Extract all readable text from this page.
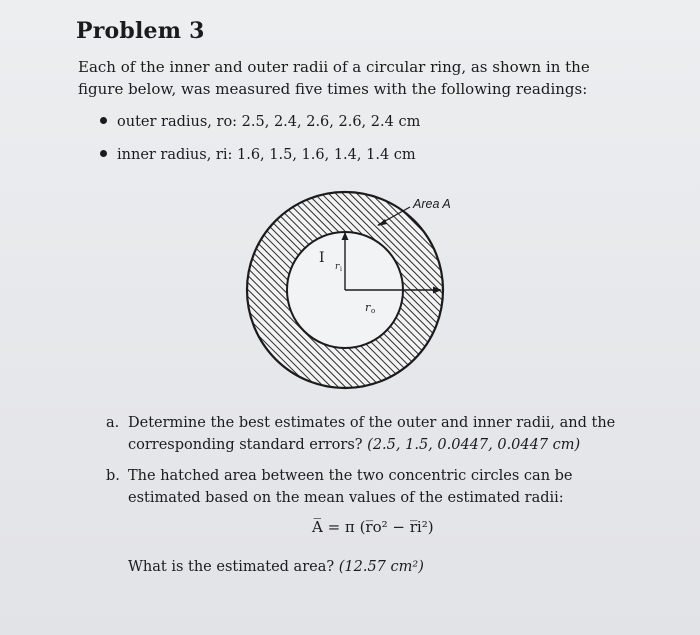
Problem 3
Each of the inner and outer radii of a circular ring, as shown in the figure below, was measured five times with the following readings:
outer radius, ro: 2.5, 2.4, 2.6, 2.6, 2.4 cm
inner radius, ri: 1.6, 1.5, 1.6, 1.4, 1.4 cm
Area A
I
r i
r o
a. Determine the best estimates of the outer and inner radii, and the corresponding standard errors? (2.5, 1.5, 0.0447, 0.0447 cm)
b. The hatched area between the two concentric circles can be estimated based on the mean values of the estimated radii:
A̅ = π (r̅o² − r̅i²)
What is the estimated area? (12.57 cm²)
